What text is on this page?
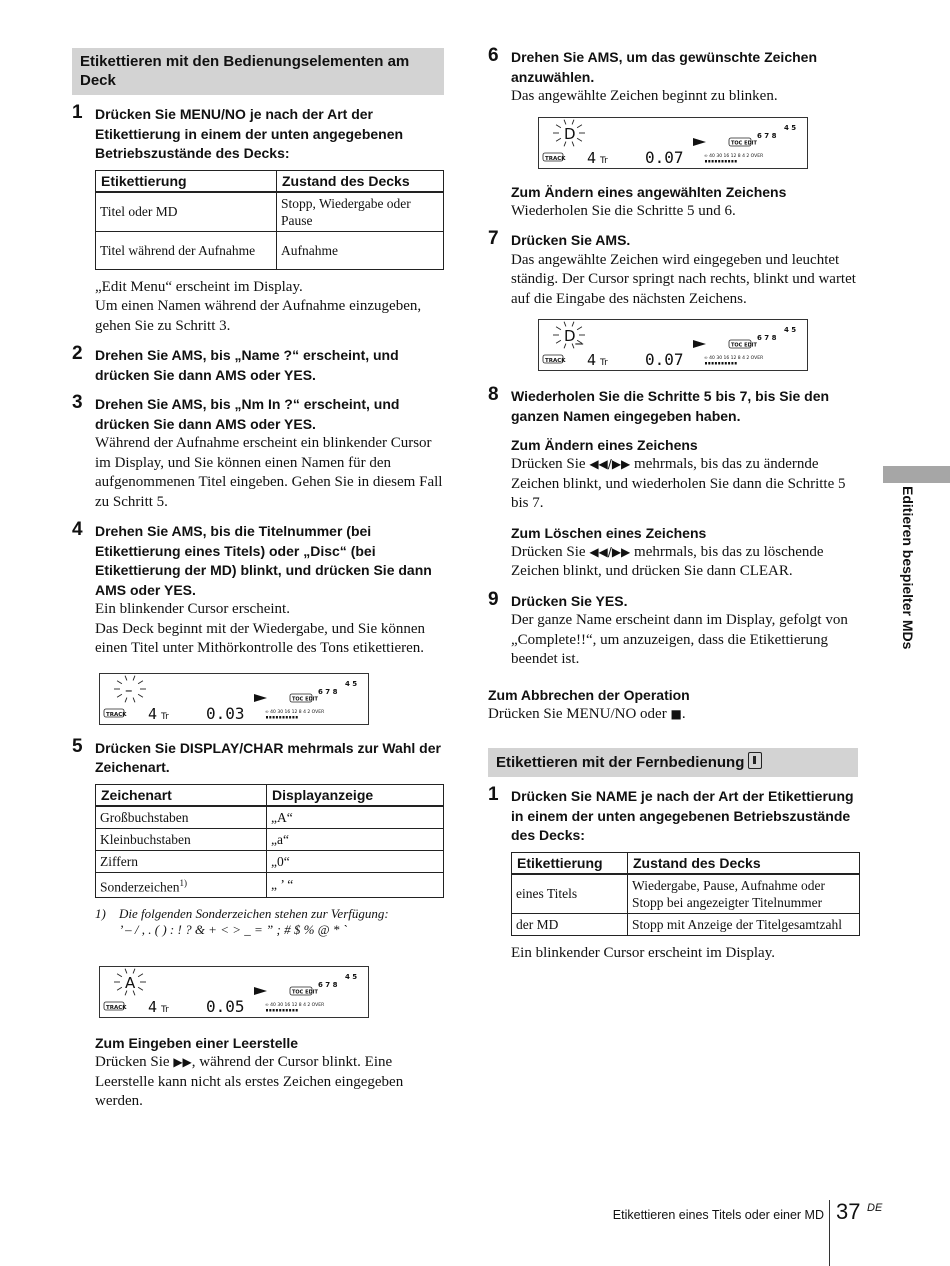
Etikettieren mit den Bedienungselementen am Deck
1 Drücken Sie MENU/NO je nach der Art der Etikettierung in einem der unten angegebenen Betriebszustände des Decks:
Etikettierung	Zustand des Decks
Titel oder MD	Stopp, Wiedergabe oder Pause
Titel während der Aufnahme	Aufnahme

„Edit Menu“ erscheint im Display.

Um einen Namen während der Aufnahme einzugeben, gehen Sie zu Schritt 3.

2 Drehen Sie AMS, bis „Name ?“ erscheint, und drücken Sie dann AMS oder YES.
3 Drehen Sie AMS, bis „Nm In ?“ erscheint, und drücken Sie dann AMS oder YES.

Während der Aufnahme erscheint ein blinkender Cursor im Display, und Sie können einen Namen für den aufgenommenen Titel eingeben. Gehen Sie in diesem Fall zu Schritt 5.

4 Drehen Sie AMS, bis die Titelnummer (bei Etikettierung eines Titels) oder „Disc“ (bei Etikettierung der MD) blinkt, und drücken Sie dann AMS oder YES.

Ein blinkender Cursor erscheint.

Das Deck beginnt mit der Wiedergabe, und Sie können einen Titel unter Mithörkontrolle des Tons etikettieren.

–
TRACK 4 Tr 0.03
TOC EDIT
6 7 8
4 5
∞ 40 30 16 12 8 4 2 OVER
5 Drücken Sie DISPLAY/CHAR mehrmals zur Wahl der Zeichenart.
Zeichenart	Displayanzeige
Großbuchstaben	„A“
Kleinbuchstaben	„a“
Ziffern	„0“
Sonderzeichen$^{1)}$	„ ’ “
1) Die folgenden Sonderzeichen stehen zur Verfügung:
’ – / , . ( ) : ! ? & + < > _ = ” ; # $ % @ * `
A
TRACK 4 Tr 0.05
TOC EDIT
6 7 8
4 5
∞ 40 30 16 12 8 4 2 OVER
Zum Eingeben einer Leerstelle

Drücken Sie ▶▶, während der Cursor blinkt. Eine Leerstelle kann nicht als erstes Zeichen eingegeben werden.

6 Drehen Sie AMS, um das gewünschte Zeichen anzuwählen.

Das angewählte Zeichen beginnt zu blinken.

D
TRACK 4 Tr 0.07
TOC EDIT
6 7 8
4 5
∞ 40 30 16 12 8 4 2 OVER
Zum Ändern eines angewählten Zeichens

Wiederholen Sie die Schritte 5 und 6.

7 Drücken Sie AMS.

Das angewählte Zeichen wird eingegeben und leuchtet ständig. Der Cursor springt nach rechts, blinkt und wartet auf die Eingabe des nächsten Zeichens.

D_
TRACK 4 Tr 0.07
TOC EDIT
6 7 8
4 5
∞ 40 30 16 12 8 4 2 OVER
8 Wiederholen Sie die Schritte 5 bis 7, bis Sie den ganzen Namen eingegeben haben.
Zum Ändern eines Zeichens

Drücken Sie ◀◀/▶▶ mehrmals, bis das zu ändernde Zeichen blinkt, und wiederholen Sie dann die Schritte 5 bis 7.

Zum Löschen eines Zeichens

Drücken Sie ◀◀/▶▶ mehrmals, bis das zu löschende Zeichen blinkt, und drücken Sie dann CLEAR.

9 Drücken Sie YES.

Der ganze Name erscheint dann im Display, gefolgt von „Complete!!“, um anzuzeigen, dass die Etikettierung beendet ist.

Zum Abbrechen der Operation

Drücken Sie MENU/NO oder ■.

Etikettieren mit der Fernbedienung
1 Drücken Sie NAME je nach der Art der Etikettierung in einem der unten angegebenen Betriebszustände des Decks:
Etikettierung	Zustand des Decks
eines Titels	Wiedergabe, Pause, Aufnahme oder Stopp bei angezeigter Titelnummer
der MD	Stopp mit Anzeige der Titelgesamtzahl

Ein blinkender Cursor erscheint im Display.

Editieren bespielter MDs
Etikettieren eines Titels oder einer MD 37 DE
